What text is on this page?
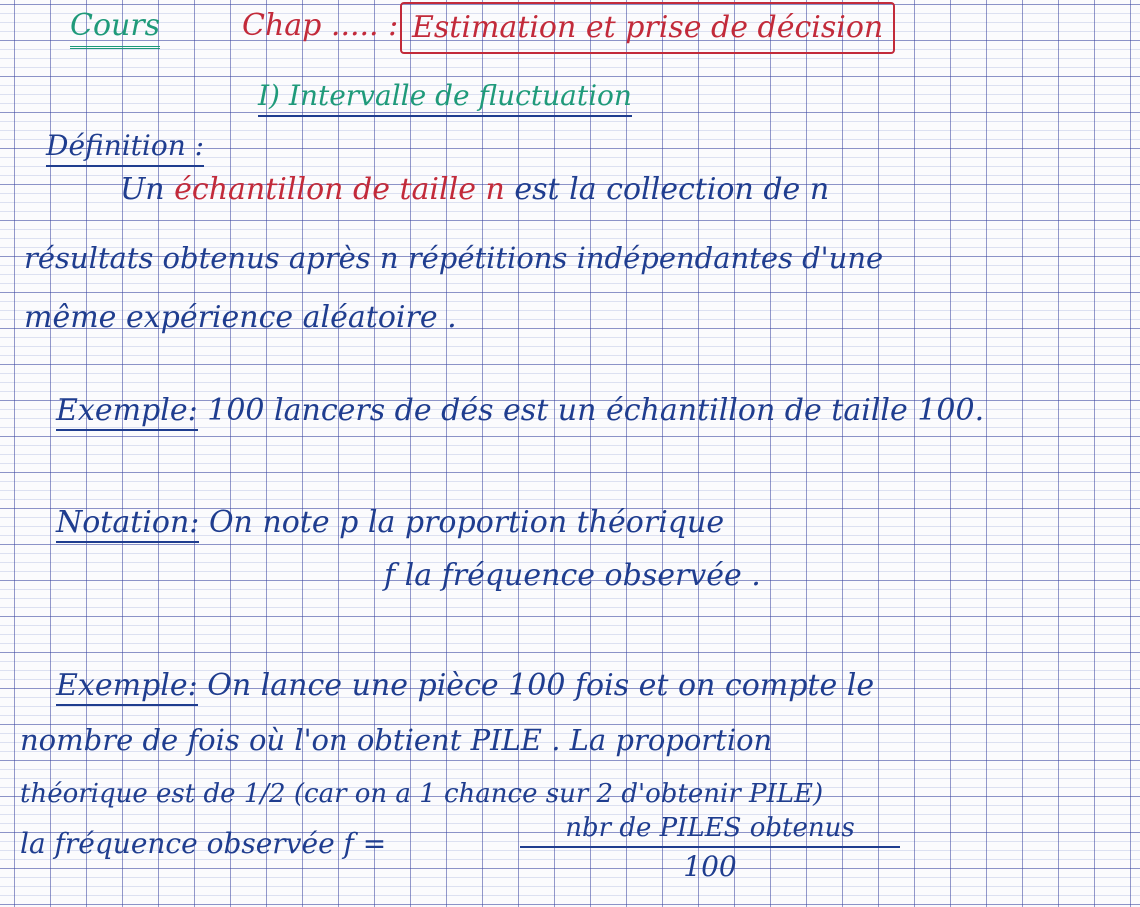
Cours	Chap ..... : Estimation et prise de décision
I) Intervalle de fluctuation
Définition :
Un échantillon de taille n est la collection de n
résultats obtenus après n répétitions indépendantes d'une
même expérience aléatoire .
Exemple: 100 lancers de dés est un échantillon de taille 100.
Notation: On note p la proportion théorique
f la fréquence observée .
Exemple: On lance une pièce 100 fois et on compte le
nombre de fois où l'on obtient PILE . La proportion
théorique est de 1/2 (car on a 1 chance sur 2 d'obtenir PILE)
la fréquence observée f =	nbr de PILES obtenus
100
